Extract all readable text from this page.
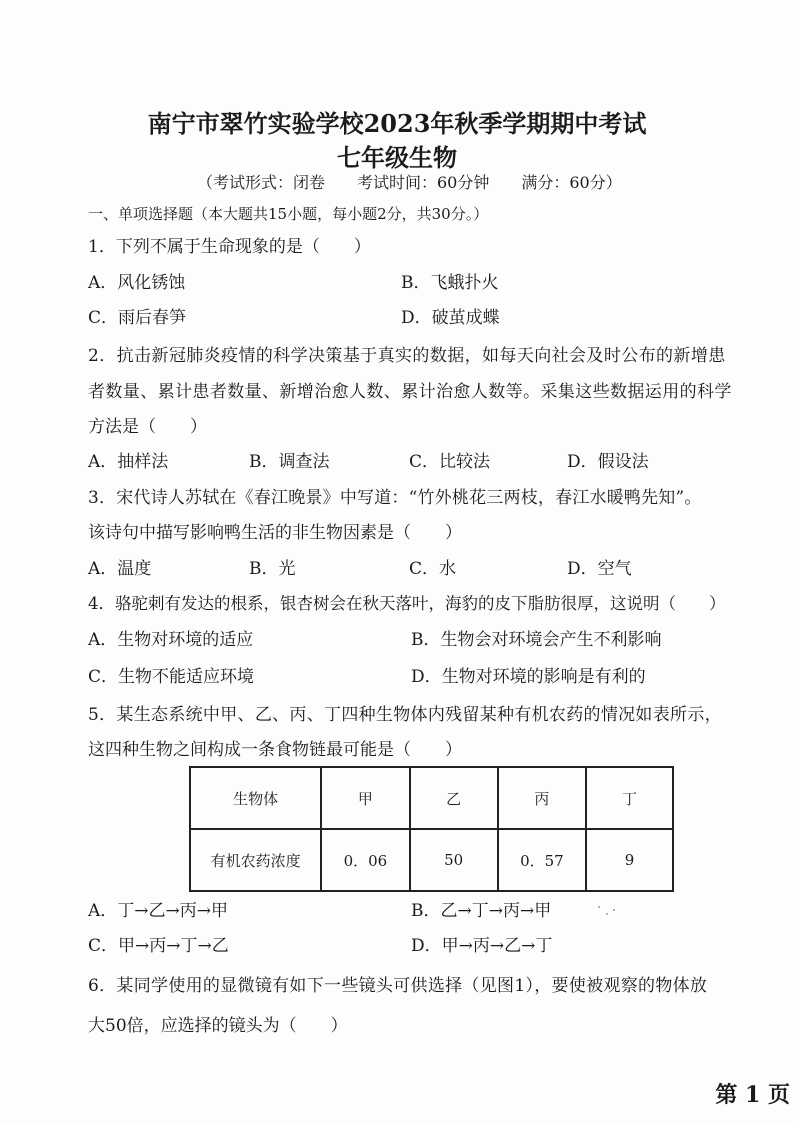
南宁市翠竹实验学校2023年秋季学期期中考试
七年级生物
（考试形式：闭卷　　考试时间：60分钟　　满分：60分）
一、单项选择题（本大题共15小题，每小题2分，共30分。）
1．下列不属于生命现象的是（　　）
A．风化锈蚀	B．飞蛾扑火
C．雨后春笋	D．破茧成蝶
2．抗击新冠肺炎疫情的科学决策基于真实的数据，如每天向社会及时公布的新增患
者数量、累计患者数量、新增治愈人数、累计治愈人数等。采集这些数据运用的科学
方法是（　　）
A．抽样法	B．调查法	C．比较法	D．假设法
3．宋代诗人苏轼在《春江晚景》中写道：“竹外桃花三两枝，春江水暖鸭先知”。
该诗句中描写影响鸭生活的非生物因素是（　　）
A．温度	B．光	C．水	D．空气
4．骆驼刺有发达的根系，银杏树会在秋天落叶，海豹的皮下脂肪很厚，这说明（　　）
A．生物对环境的适应	B．生物会对环境会产生不利影响
C．生物不能适应环境	D．生物对环境的影响是有利的
5．某生态系统中甲、乙、丙、丁四种生物体内残留某种有机农药的情况如表所示，
这四种生物之间构成一条食物链最可能是（　　）
生物体	甲	乙	丙	丁
有机农药浓度	0．06	50	0．57	9
A．丁→乙→丙→甲	B．乙→丁→丙→甲
C．甲→丙→丁→乙	D．甲→丙→乙→丁
6．某同学使用的显微镜有如下一些镜头可供选择（见图1），要使被观察的物体放
大50倍，应选择的镜头为（　　）
第 1 页
